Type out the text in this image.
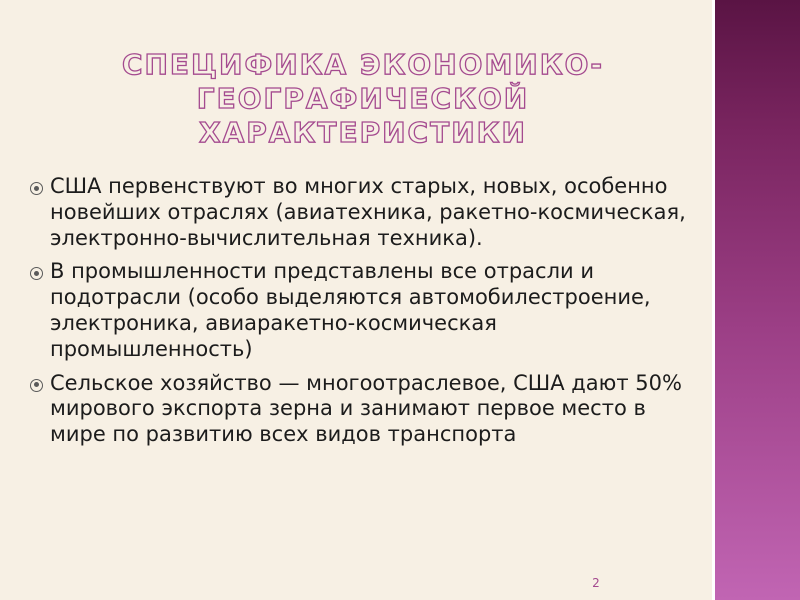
СПЕЦИФИКА ЭКОНОМИКО-
ГЕОГРАФИЧЕСКОЙ ХАРАКТЕРИСТИКИ
США первенствуют во многих старых, новых, особенно новейших отраслях (авиатехника, ракетно-космическая, электронно-вычислительная техника).
В промышленности представлены все отрасли и подотрасли (особо выделяются автомобилестроение, электроника, авиаракетно-космическая промышленность)
Сельское хозяйство — многоотраслевое, США дают 50% мирового экспорта зерна и занимают первое место в мире по развитию всех видов транспорта
2
